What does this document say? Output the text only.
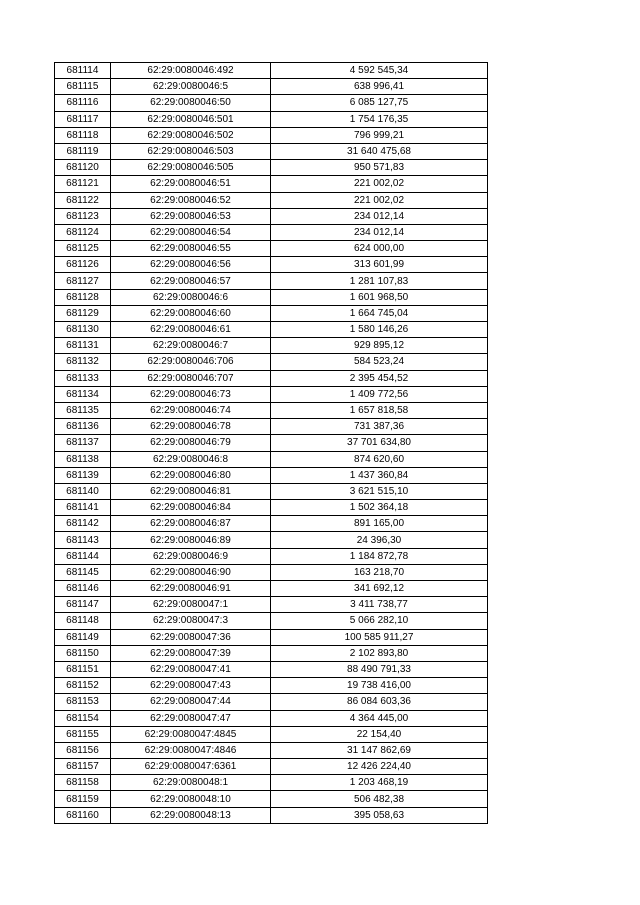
681114	62:29:0080046:492	4 592 545,34
681115	62:29:0080046:5	638 996,41
681116	62:29:0080046:50	6 085 127,75
681117	62:29:0080046:501	1 754 176,35
681118	62:29:0080046:502	796 999,21
681119	62:29:0080046:503	31 640 475,68
681120	62:29:0080046:505	950 571,83
681121	62:29:0080046:51	221 002,02
681122	62:29:0080046:52	221 002,02
681123	62:29:0080046:53	234 012,14
681124	62:29:0080046:54	234 012,14
681125	62:29:0080046:55	624 000,00
681126	62:29:0080046:56	313 601,99
681127	62:29:0080046:57	1 281 107,83
681128	62:29:0080046:6	1 601 968,50
681129	62:29:0080046:60	1 664 745,04
681130	62:29:0080046:61	1 580 146,26
681131	62:29:0080046:7	929 895,12
681132	62:29:0080046:706	584 523,24
681133	62:29:0080046:707	2 395 454,52
681134	62:29:0080046:73	1 409 772,56
681135	62:29:0080046:74	1 657 818,58
681136	62:29:0080046:78	731 387,36
681137	62:29:0080046:79	37 701 634,80
681138	62:29:0080046:8	874 620,60
681139	62:29:0080046:80	1 437 360,84
681140	62:29:0080046:81	3 621 515,10
681141	62:29:0080046:84	1 502 364,18
681142	62:29:0080046:87	891 165,00
681143	62:29:0080046:89	24 396,30
681144	62:29:0080046:9	1 184 872,78
681145	62:29:0080046:90	163 218,70
681146	62:29:0080046:91	341 692,12
681147	62:29:0080047:1	3 411 738,77
681148	62:29:0080047:3	5 066 282,10
681149	62:29:0080047:36	100 585 911,27
681150	62:29:0080047:39	2 102 893,80
681151	62:29:0080047:41	88 490 791,33
681152	62:29:0080047:43	19 738 416,00
681153	62:29:0080047:44	86 084 603,36
681154	62:29:0080047:47	4 364 445,00
681155	62:29:0080047:4845	22 154,40
681156	62:29:0080047:4846	31 147 862,69
681157	62:29:0080047:6361	12 426 224,40
681158	62:29:0080048:1	1 203 468,19
681159	62:29:0080048:10	506 482,38
681160	62:29:0080048:13	395 058,63
